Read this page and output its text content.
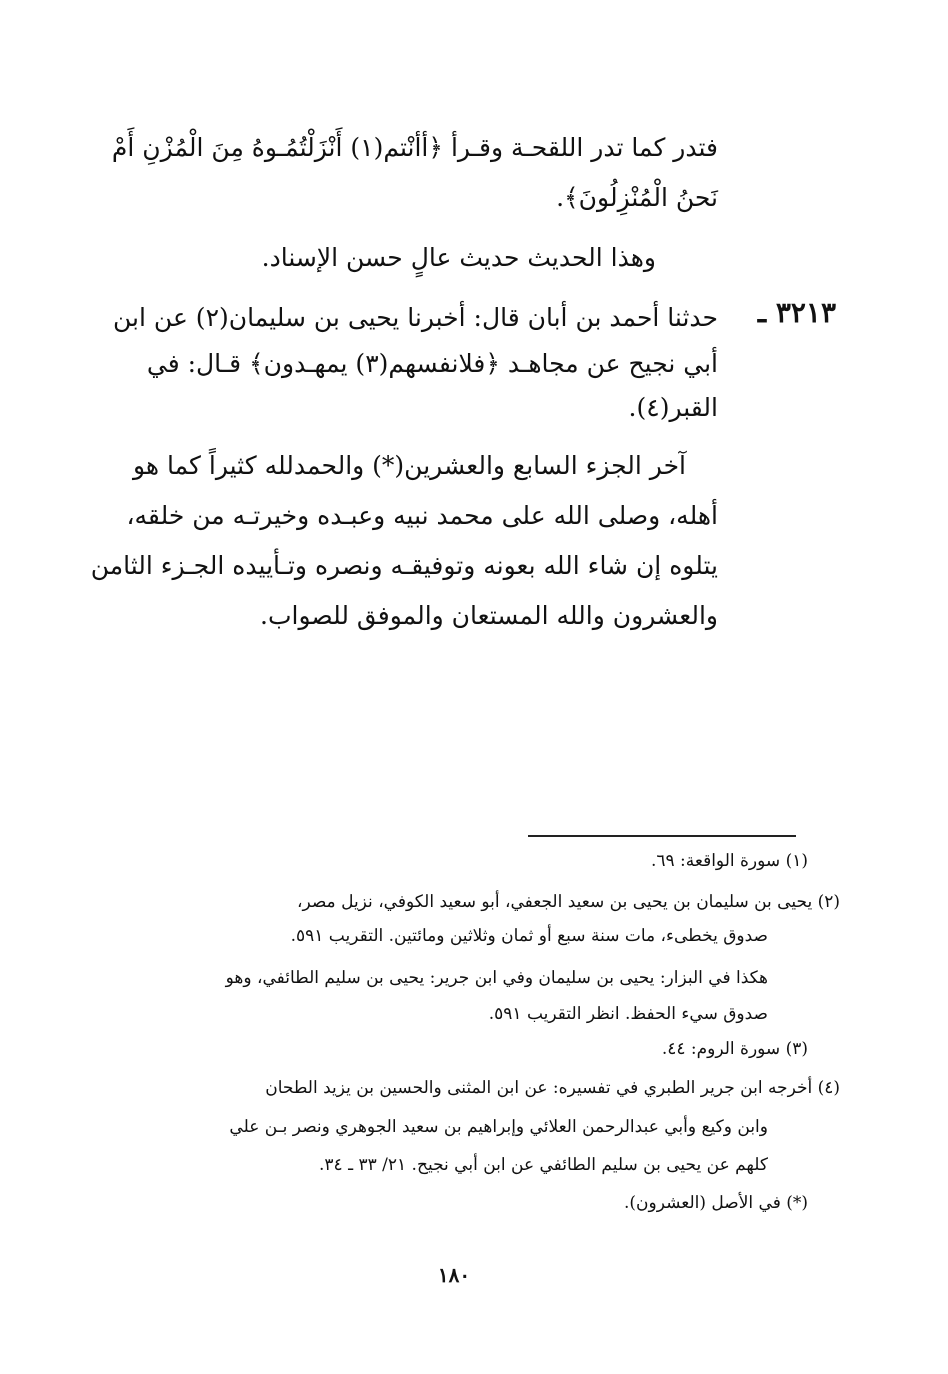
فتدر كما تدر اللقحـة وقـرأ ﴿أأنْتم(١) أَنْزَلْتُمُـوهُ مِنَ الْمُزْنِ أَمْ
نَحنُ الْمُنْزِلُونَ﴾.
وهذا الحديث حديث عالٍ حسن الإسناد.
٣٢١٣ ـ
حدثنا أحمد بن أبان قال: أخبرنا يحيى بن سليمان(٢) عن ابن
أبي نجيح عن مجاهـد ﴿فلانفسهم(٣) يمهـدون﴾ قـال: في
القبر(٤).
آخر الجزء السابع والعشرين(*) والحمدلله كثيراً كما هو
أهله، وصلى الله على محمد نبيه وعبـده وخيرتـه من خلقه،
يتلوه إن شاء الله بعونه وتوفيقـه ونصره وتـأييده الجـزء الثامن
والعشرون والله المستعان والموفق للصواب.
(١) سورة الواقعة: ٦٩.
(٢) يحيى بن سليمان بن يحيى بن سعيد الجعفي، أبو سعيد الكوفي، نزيل مصر،
صدوق يخطىء، مات سنة سبع أو ثمان وثلاثين ومائتين. التقريب ٥٩١.
هكذا في البزار: يحيى بن سليمان وفي ابن جرير: يحيى بن سليم الطائفي، وهو
صدوق سيء الحفظ. انظر التقريب ٥٩١.
(٣) سورة الروم: ٤٤.
(٤) أخرجه ابن جرير الطبري في تفسيره: عن ابن المثنى والحسين بن يزيد الطحان
وابن وكيع وأبي عبدالرحمن العلائي وإبراهيم بن سعيد الجوهري ونصر بـن علي
كلهم عن يحيى بن سليم الطائفي عن ابن أبي نجيح. ٢١/ ٣٣ ـ ٣٤.
(*) في الأصل (العشرون).
١٨٠
